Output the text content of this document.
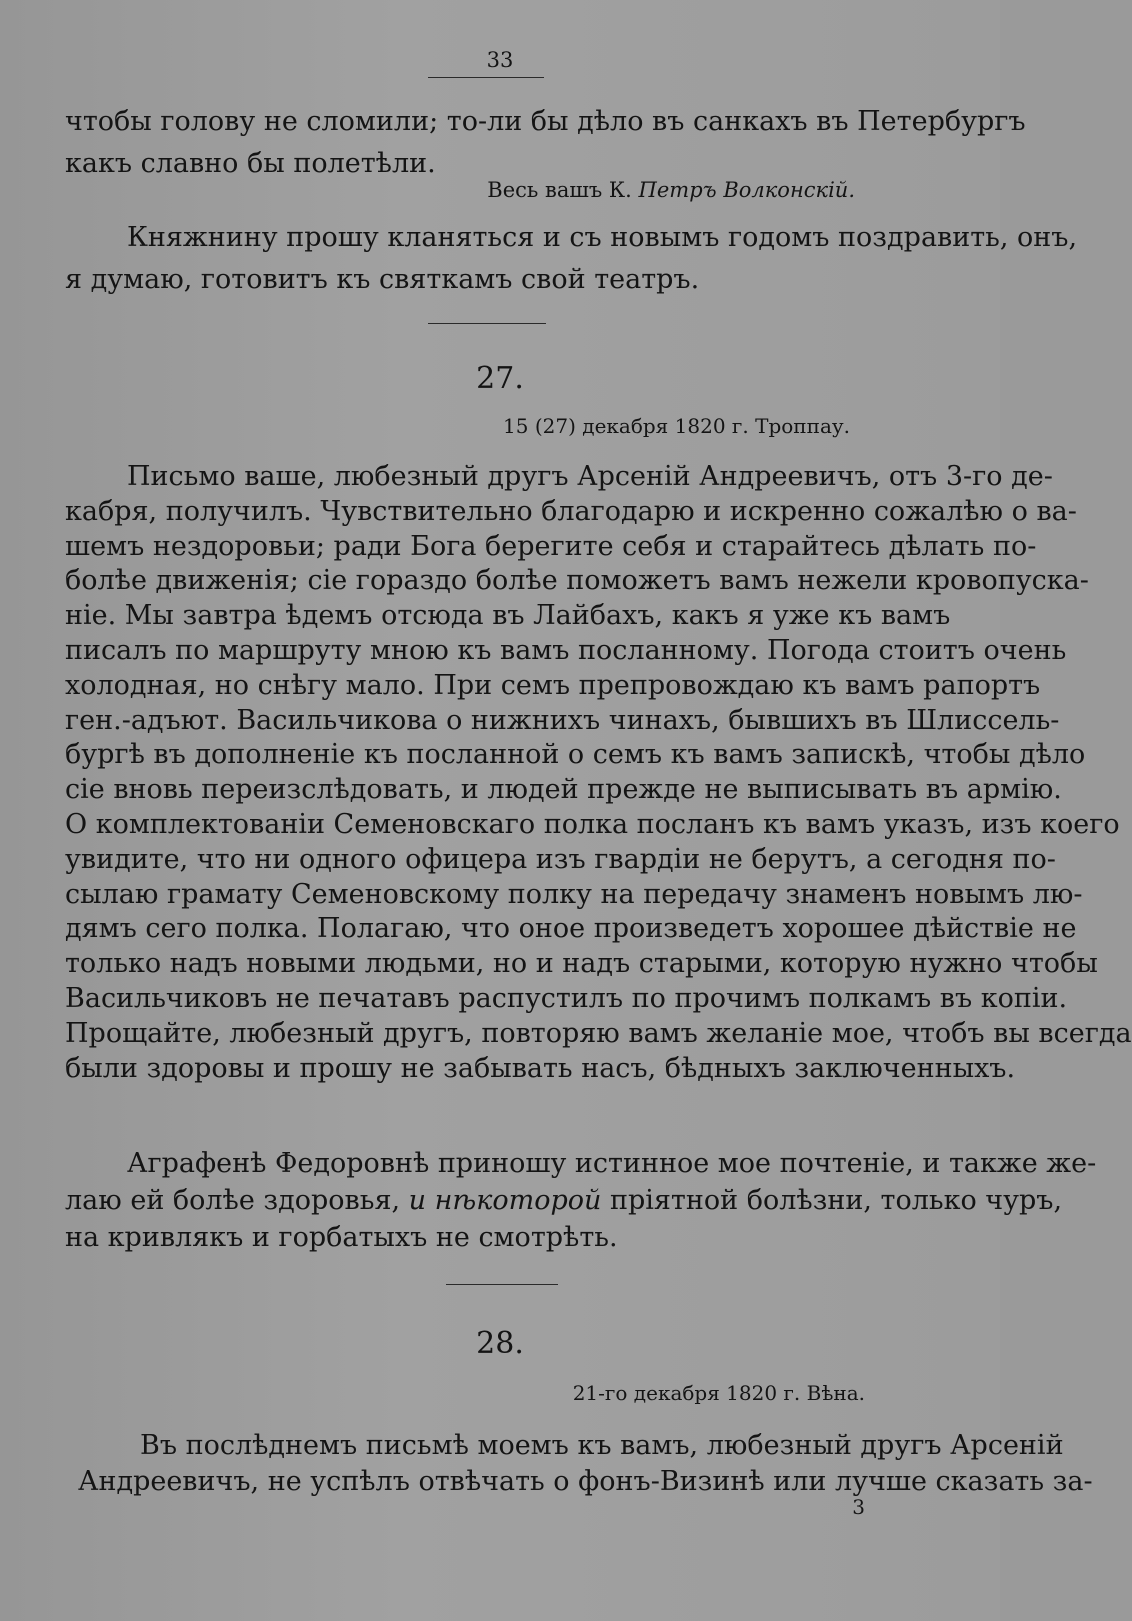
33
чтобы голову не сломили; то-ли бы дѣло въ санкахъ въ Петербургъ
какъ славно бы полетѣли.
Весь вашъ К. Петръ Волконскій.
Княжнину прошу кланяться и съ новымъ годомъ поздравить, онъ,
я думаю, готовитъ къ святкамъ свой театръ.
27.
15 (27) декабря 1820 г. Троппау.
Письмо ваше, любезный другъ Арсеній Андреевичъ, отъ 3-го де-
кабря, получилъ. Чувствительно благодарю и искренно сожалѣю о ва-
шемъ нездоровьи; ради Бога берегите себя и старайтесь дѣлать по-
болѣе движенія; сіе гораздо болѣе поможетъ вамъ нежели кровопуска-
ніе. Мы завтра ѣдемъ отсюда въ Лайбахъ, какъ я уже къ вамъ
писалъ по маршруту мною къ вамъ посланному. Погода стоитъ очень
холодная, но снѣгу мало. При семъ препровождаю къ вамъ рапортъ
ген.-адъют. Васильчикова о нижнихъ чинахъ, бывшихъ въ Шлиссель-
бургѣ въ дополненіе къ посланной о семъ къ вамъ запискѣ, чтобы дѣло
сіе вновь переизслѣдовать, и людей прежде не выписывать въ армію.
О комплектованіи Семеновскаго полка посланъ къ вамъ указъ, изъ коего
увидите, что ни одного офицера изъ гвардіи не берутъ, а сегодня по-
сылаю грамату Семеновскому полку на передачу знаменъ новымъ лю-
дямъ сего полка. Полагаю, что оное произведетъ хорошее дѣйствіе не
только надъ новыми людьми, но и надъ старыми, которую нужно чтобы
Васильчиковъ не печатавъ распустилъ по прочимъ полкамъ въ копіи.
Прощайте, любезный другъ, повторяю вамъ желаніе мое, чтобъ вы всегда
были здоровы и прошу не забывать насъ, бѣдныхъ заключенныхъ.
Аграфенѣ Федоровнѣ приношу истинное мое почтеніе, и также же-
лаю ей болѣе здоровья, и нѣкоторой пріятной болѣзни, только чуръ,
на кривлякъ и горбатыхъ не смотрѣть.
28.
21-го декабря 1820 г. Вѣна.
Въ послѣднемъ письмѣ моемъ къ вамъ, любезный другъ Арсеній
Андреевичъ, не успѣлъ отвѣчать о фонъ-Визинѣ или лучше сказать за-
3
